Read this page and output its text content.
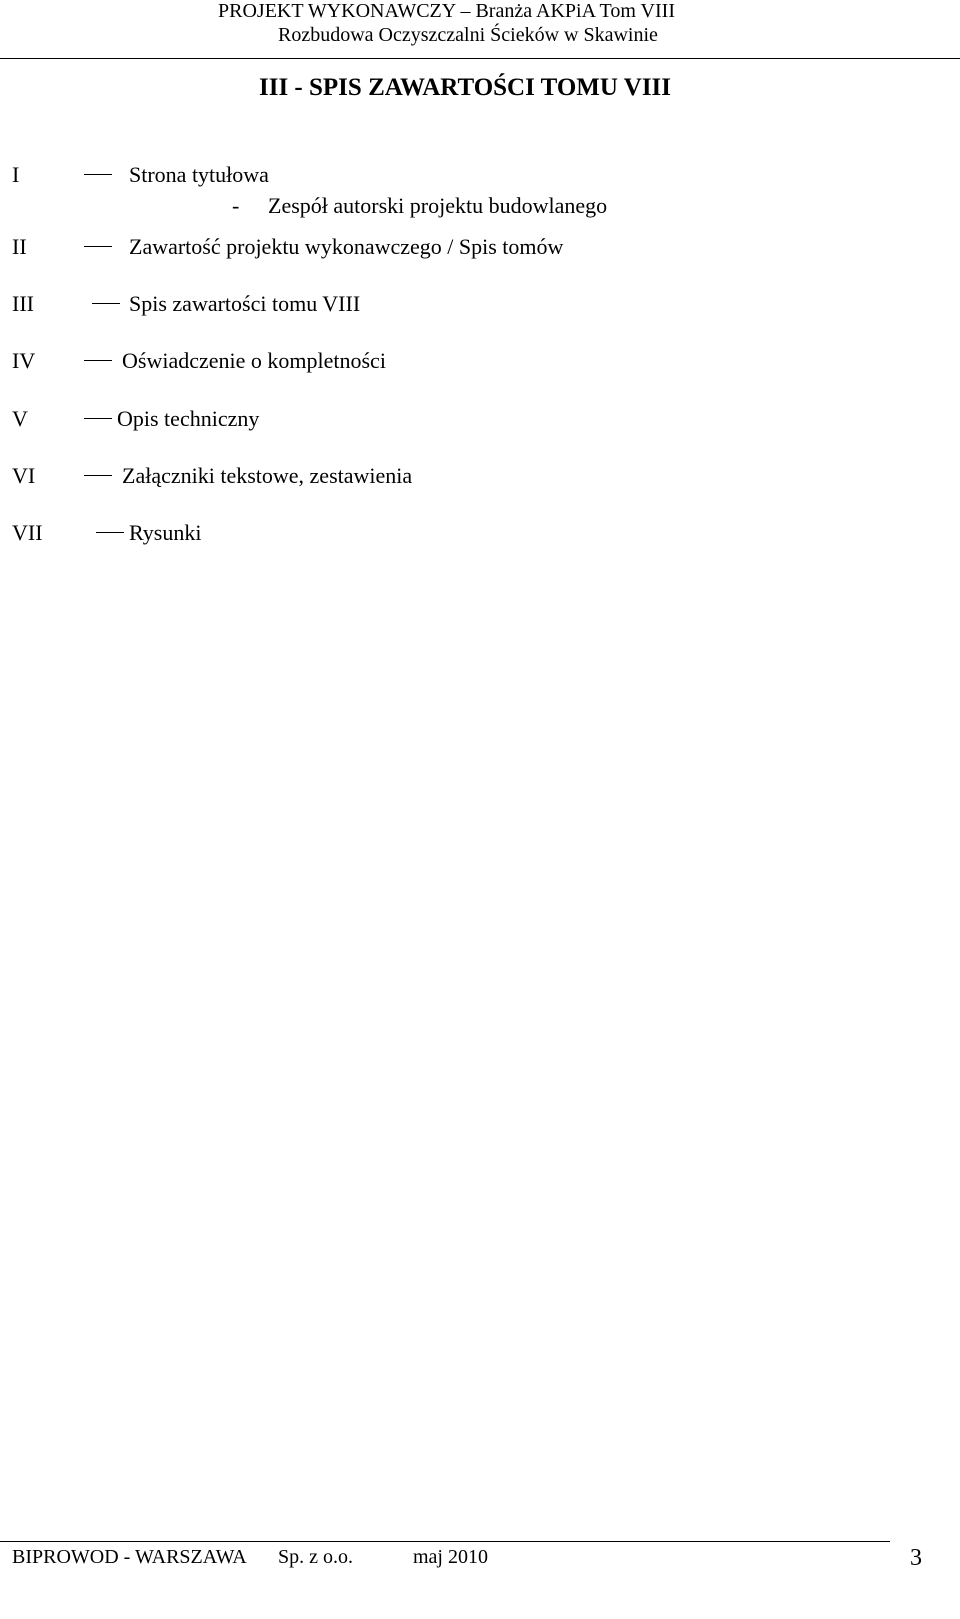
PROJEKT WYKONAWCZY – Branża AKPiA Tom VIII
Rozbudowa Oczyszczalni Ścieków w Skawinie
III - SPIS ZAWARTOŚCI TOMU VIII
I	Strona tytułowa
- Zespół autorski projektu budowlanego
II	Zawartość projektu wykonawczego / Spis tomów
III	Spis zawartości tomu VIII
IV	Oświadczenie o kompletności
V	Opis techniczny
VI	Załączniki tekstowe, zestawienia
VII	Rysunki
BIPROWOD - WARSZAWA Sp. z o.o.	maj 2010	3
